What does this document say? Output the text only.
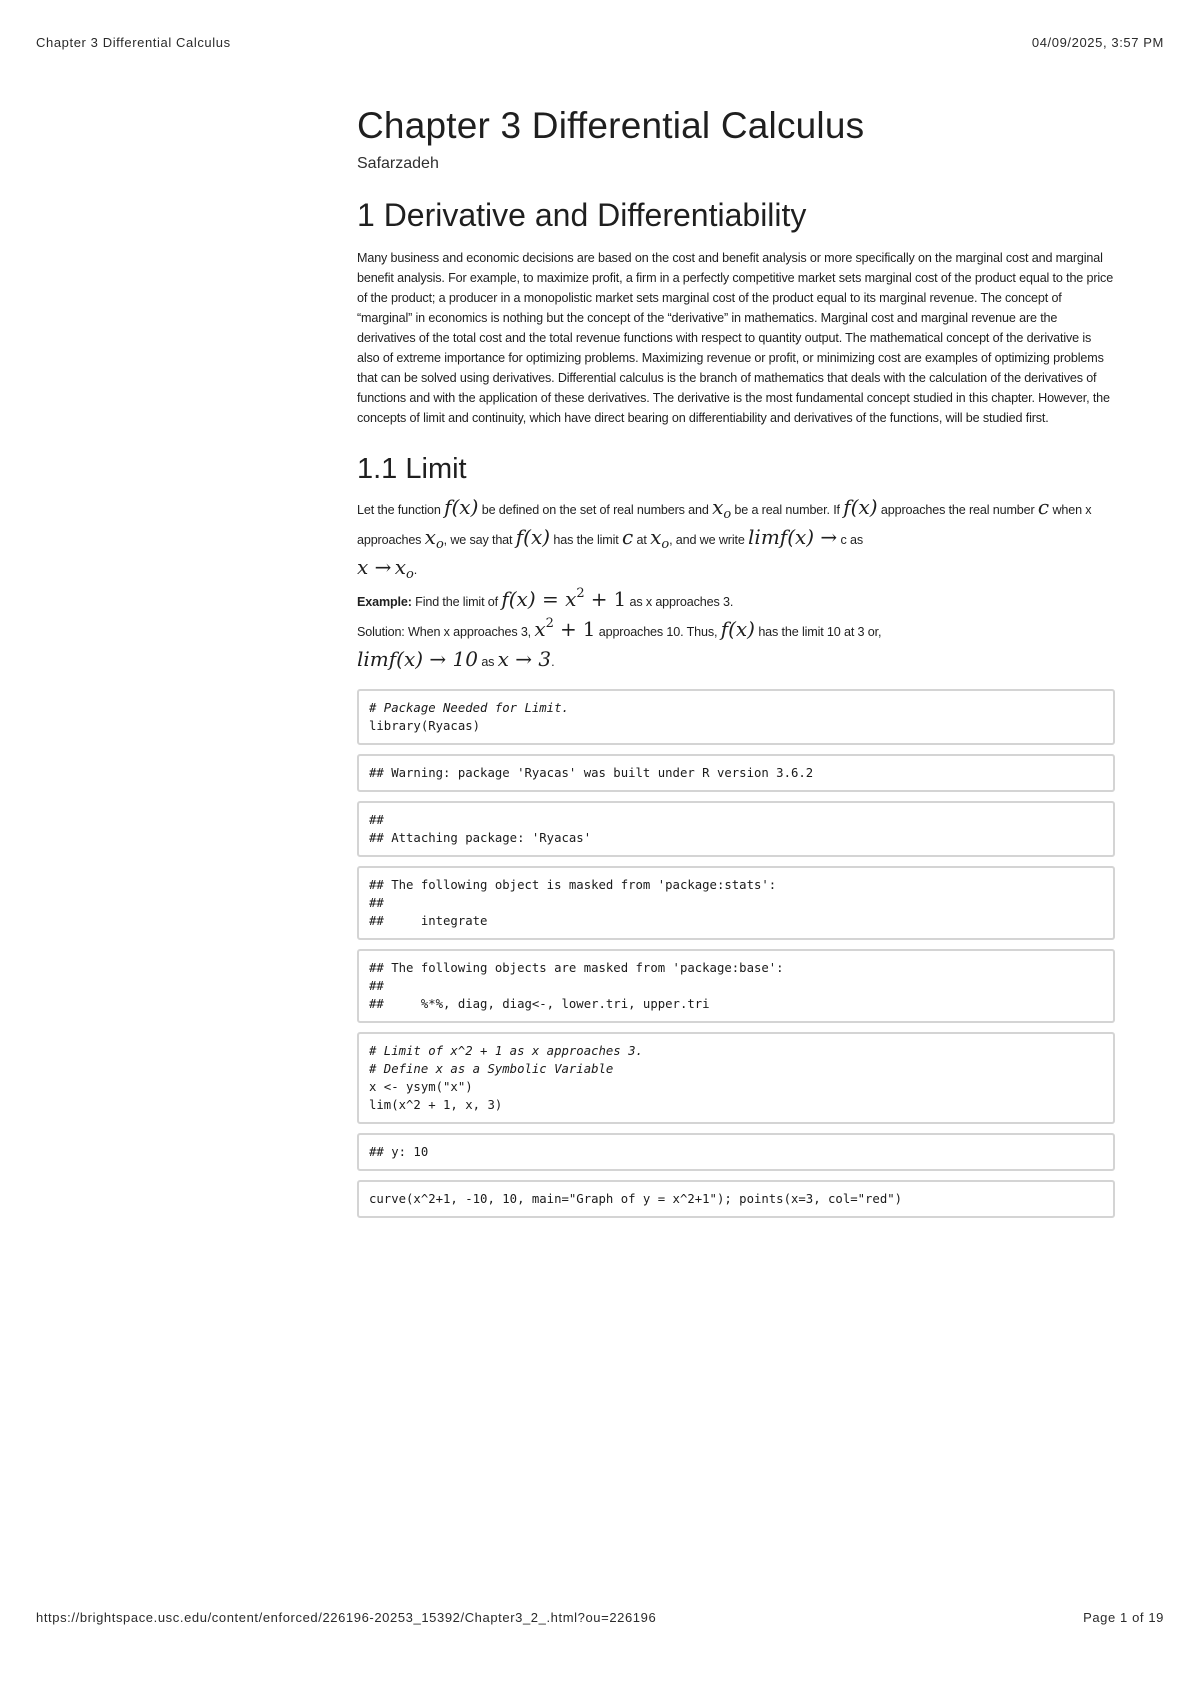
Chapter 3 Differential Calculus	04/09/2025, 3:57 PM
Chapter 3 Differential Calculus
Safarzadeh
1 Derivative and Differentiability

Many business and economic decisions are based on the cost and benefit analysis or more specifically on the marginal cost and marginal benefit analysis. For example, to maximize profit, a firm in a perfectly competitive market sets marginal cost of the product equal to the price of the product; a producer in a monopolistic market sets marginal cost of the product equal to its marginal revenue. The concept of “marginal” in economics is nothing but the concept of the “derivative” in mathematics. Marginal cost and marginal revenue are the derivatives of the total cost and the total revenue functions with respect to quantity output. The mathematical concept of the derivative is also of extreme importance for optimizing problems. Maximizing revenue or profit, or minimizing cost are examples of optimizing problems that can be solved using derivatives. Differential calculus is the branch of mathematics that deals with the calculation of the derivatives of functions and with the application of these derivatives. The derivative is the most fundamental concept studied in this chapter. However, the concepts of limit and continuity, which have direct bearing on differentiability and derivatives of the functions, will be studied first.

1.1 Limit
Let the function f(x) be defined on the set of real numbers and xo be a real number. If f(x) approaches the real number c when x approaches xo, we say that f(x) has the limit c at xo, and we write limf(x) → c as
x → xo.
Example: Find the limit of f(x) = x2 + 1 as x approaches 3.
Solution: When x approaches 3, x2 + 1 approaches 10. Thus, f(x) has the limit 10 at 3 or,
limf(x) → 10 as x → 3.
# Package Needed for Limit.
library(Ryacas)
## Warning: package 'Ryacas' was built under R version 3.6.2
##
## Attaching package: 'Ryacas'
## The following object is masked from 'package:stats':
##
##     integrate
## The following objects are masked from 'package:base':
##
##     %*%, diag, diag<-, lower.tri, upper.tri
# Limit of x^2 + 1 as x approaches 3.
# Define x as a Symbolic Variable
x <- ysym("x")
lim(x^2 + 1, x, 3)
## y: 10
curve(x^2+1, -10, 10, main="Graph of y = x^2+1"); points(x=3, col="red")
https://brightspace.usc.edu/content/enforced/226196-20253_15392/Chapter3_2_.html?ou=226196	Page 1 of 19
